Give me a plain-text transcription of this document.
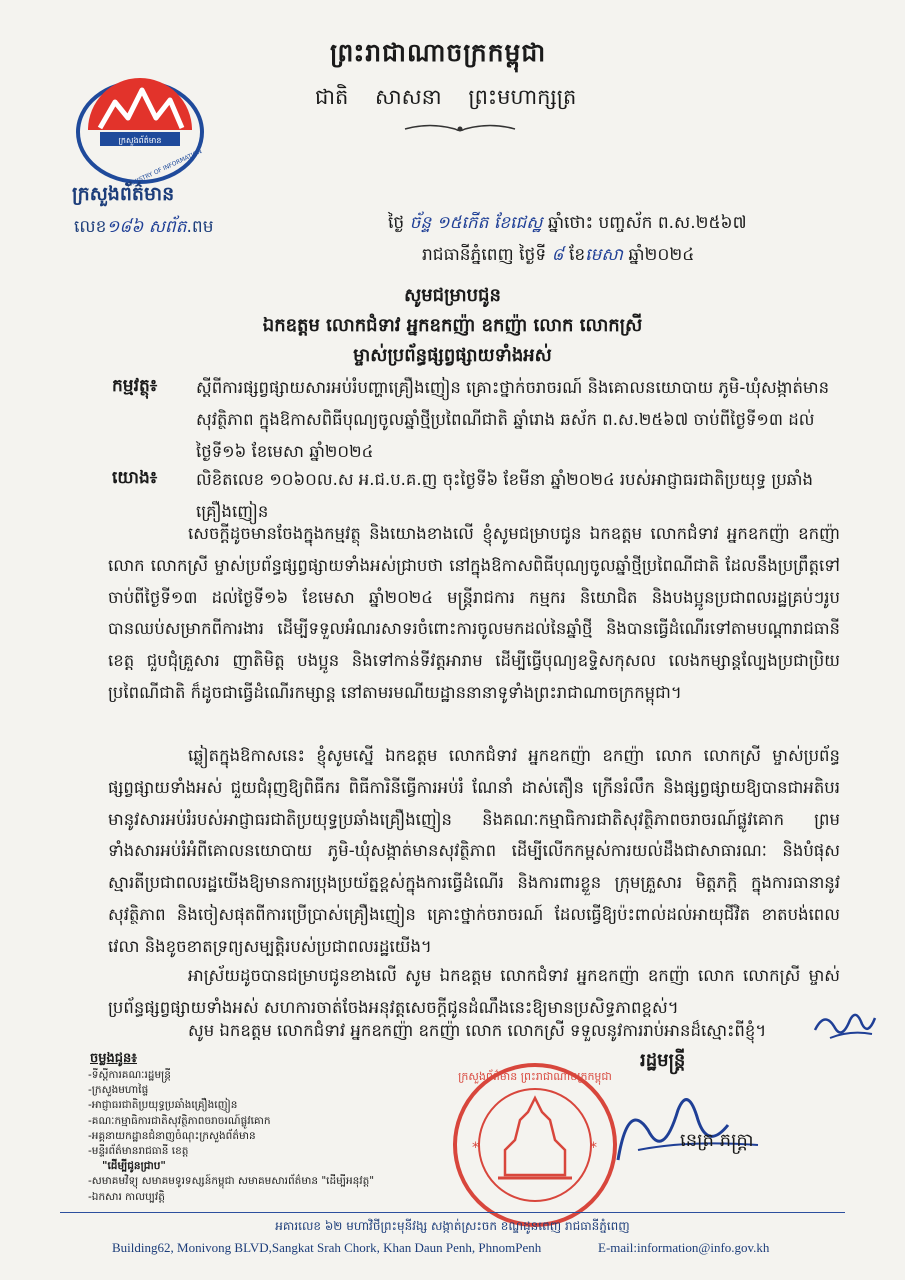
ព្រះរាជាណាចក្រកម្ពុជា
ជាតិ សាសនា ព្រះមហាក្សត្រ
ក្រសួងព័ត៌មាន
MINISTRY OF INFORMATION
ក្រសួងព័ត៌មាន
លេខ១៨៦ សព័ត.ពម	ថ្ងៃ ច័ន្ទ ១៥កើត ខែជេស្ឋ ឆ្នាំថោះ បញ្ចស័ក ព.ស.២៥៦៧
រាជធានីភ្នំពេញ ថ្ងៃទី ៨ ខែមេសា ឆ្នាំ២០២៤
សូមជម្រាបជូន
ឯកឧត្តម លោកជំទាវ អ្នកឧកញ៉ា ឧកញ៉ា លោក លោកស្រី
ម្ចាស់ប្រព័ន្ធផ្សព្វផ្សាយទាំងអស់
កម្មវត្ថុ៖ ស្តីពីការផ្សព្វផ្សាយសារអប់រំបញ្ហាគ្រឿងញៀន គ្រោះថ្នាក់ចរាចរណ៍ និងគោលនយោបាយ ភូមិ-ឃុំសង្កាត់មានសុវត្ថិភាព ក្នុងឱកាសពិធីបុណ្យចូលឆ្នាំថ្មីប្រពៃណីជាតិ ឆ្នាំរោង ឆស័ក ព.ស.២៥៦៧ ចាប់ពីថ្ងៃទី១៣ ដល់ថ្ងៃទី១៦ ខែមេសា ឆ្នាំ២០២៤
យោង៖ លិខិតលេខ ១០៦០ល.ស អ.ជ.ប.គ.ញ ចុះថ្ងៃទី៦ ខែមីនា ឆ្នាំ២០២៤ របស់អាជ្ញាធរជាតិប្រយុទ្ធ ប្រឆាំងគ្រឿងញៀន
សេចក្តីដូចមានចែងក្នុងកម្មវត្ថុ និងយោងខាងលើ ខ្ញុំសូមជម្រាបជូន ឯកឧត្តម លោកជំទាវ អ្នកឧកញ៉ា ឧកញ៉ា លោក លោកស្រី ម្ចាស់ប្រព័ន្ធផ្សព្វផ្សាយទាំងអស់ជ្រាបថា នៅក្នុងឱកាសពិធីបុណ្យចូលឆ្នាំថ្មីប្រពៃណីជាតិ ដែលនឹងប្រព្រឹត្តទៅចាប់ពីថ្ងៃទី១៣ ដល់ថ្ងៃទី១៦ ខែមេសា ឆ្នាំ២០២៤ មន្ត្រីរាជការ កម្មករ និយោជិត និងបងប្អូនប្រជាពលរដ្ឋគ្រប់ៗរូប បានឈប់សម្រាកពីការងារ ដើម្បីទទួលអំណរសាទរចំពោះការចូលមកដល់នៃឆ្នាំថ្មី និងបានធ្វើដំណើរទៅតាមបណ្តារាជធានី ខេត្ត ជួបជុំគ្រួសារ ញាតិមិត្ត បងប្អូន និងទៅកាន់ទីវត្តអារាម ដើម្បីធ្វើបុណ្យឧទ្ទិសកុសល លេងកម្សាន្តល្បែងប្រជាប្រិយប្រពៃណីជាតិ ក៏ដូចជាធ្វើដំណើរកម្សាន្ត នៅតាមរមណីយដ្ឋាននានាទូទាំងព្រះរាជាណាចក្រកម្ពុជា។
ឆ្លៀតក្នុងឱកាសនេះ ខ្ញុំសូមស្នើ ឯកឧត្តម លោកជំទាវ អ្នកឧកញ៉ា ឧកញ៉ា លោក លោកស្រី ម្ចាស់ប្រព័ន្ធផ្សព្វផ្សាយទាំងអស់ ជួយជំរុញឱ្យពិធីករ ពិធីការិនីធ្វើការអប់រំ ណែនាំ ដាស់តឿន ក្រើនរំលឹក និងផ្សព្វផ្សាយឱ្យបានជាអតិបរមានូវសារអប់រំរបស់អាជ្ញាធរជាតិប្រយុទ្ធប្រឆាំងគ្រឿងញៀន និងគណៈកម្មាធិការជាតិសុវត្ថិភាពចរាចរណ៍ផ្លូវគោក ព្រមទាំងសារអប់រំអំពីគោលនយោបាយ ភូមិ-ឃុំសង្កាត់មានសុវត្ថិភាព ដើម្បីលើកកម្ពស់ការយល់ដឹងជាសាធារណៈ និងបំផុសស្មារតីប្រជាពលរដ្ឋយើងឱ្យមានការប្រុងប្រយ័ត្នខ្ពស់ក្នុងការធ្វើដំណើរ និងការពារខ្លួន ក្រុមគ្រួសារ មិត្តភក្តិ ក្នុងការធានានូវសុវត្ថិភាព និងចៀសផុតពីការប្រើប្រាស់គ្រឿងញៀន គ្រោះថ្នាក់ចរាចរណ៍ ដែលធ្វើឱ្យប៉ះពាល់ដល់អាយុជីវិត ខាតបង់ពេលវេលា និងខូចខាតទ្រព្យសម្បត្តិរបស់ប្រជាពលរដ្ឋយើង។
អាស្រ័យដូចបានជម្រាបជូនខាងលើ សូម ឯកឧត្តម លោកជំទាវ អ្នកឧកញ៉ា ឧកញ៉ា លោក លោកស្រី ម្ចាស់ប្រព័ន្ធផ្សព្វផ្សាយទាំងអស់ សហការចាត់ចែងអនុវត្តសេចក្តីជូនដំណឹងនេះឱ្យមានប្រសិទ្ធភាពខ្ពស់។
សូម ឯកឧត្តម លោកជំទាវ អ្នកឧកញ៉ា ឧកញ៉ា លោក លោកស្រី ទទួលនូវការរាប់អានដ៏ស្មោះពីខ្ញុំ។
ចម្លងជូន៖
-ទីស្តីការគណៈរដ្ឋមន្ត្រី
-ក្រសួងមហាផ្ទៃ
-អាជ្ញាធរជាតិប្រយុទ្ធប្រឆាំងគ្រឿងញៀន
-គណៈកម្មាធិការជាតិសុវត្ថិភាពចរាចរណ៍ផ្លូវគោក
-អគ្គនាយកដ្ឋានជំនាញចំណុះក្រសួងព័ត៌មាន
-មន្ទីរព័ត៌មានរាជធានី ខេត្ត
"ដើម្បីជូនជ្រាប"
-សមាគមវិទ្យុ សមាគមទូរទស្សន៍កម្ពុជា សមាគមសារព័ត៌មាន "ដើម្បីអនុវត្ត"
-ឯកសារ កាលប្បវត្តិ
ក្រសួងព័ត៌មាន ព្រះរាជាណាចក្រកម្ពុជា
*	*
រដ្ឋមន្ត្រី
នេត្រ ភក្ត្រា
អគារលេខ ៦២ មហាវិថីព្រះមុនីវង្ស សង្កាត់ស្រះចក ខណ្ឌដូនពេញ រាជធានីភ្នំពេញ
Building62, Monivong BLVD,Sangkat Srah Chork, Khan Daun Penh, PhnomPenh	E-mail:information@info.gov.kh
